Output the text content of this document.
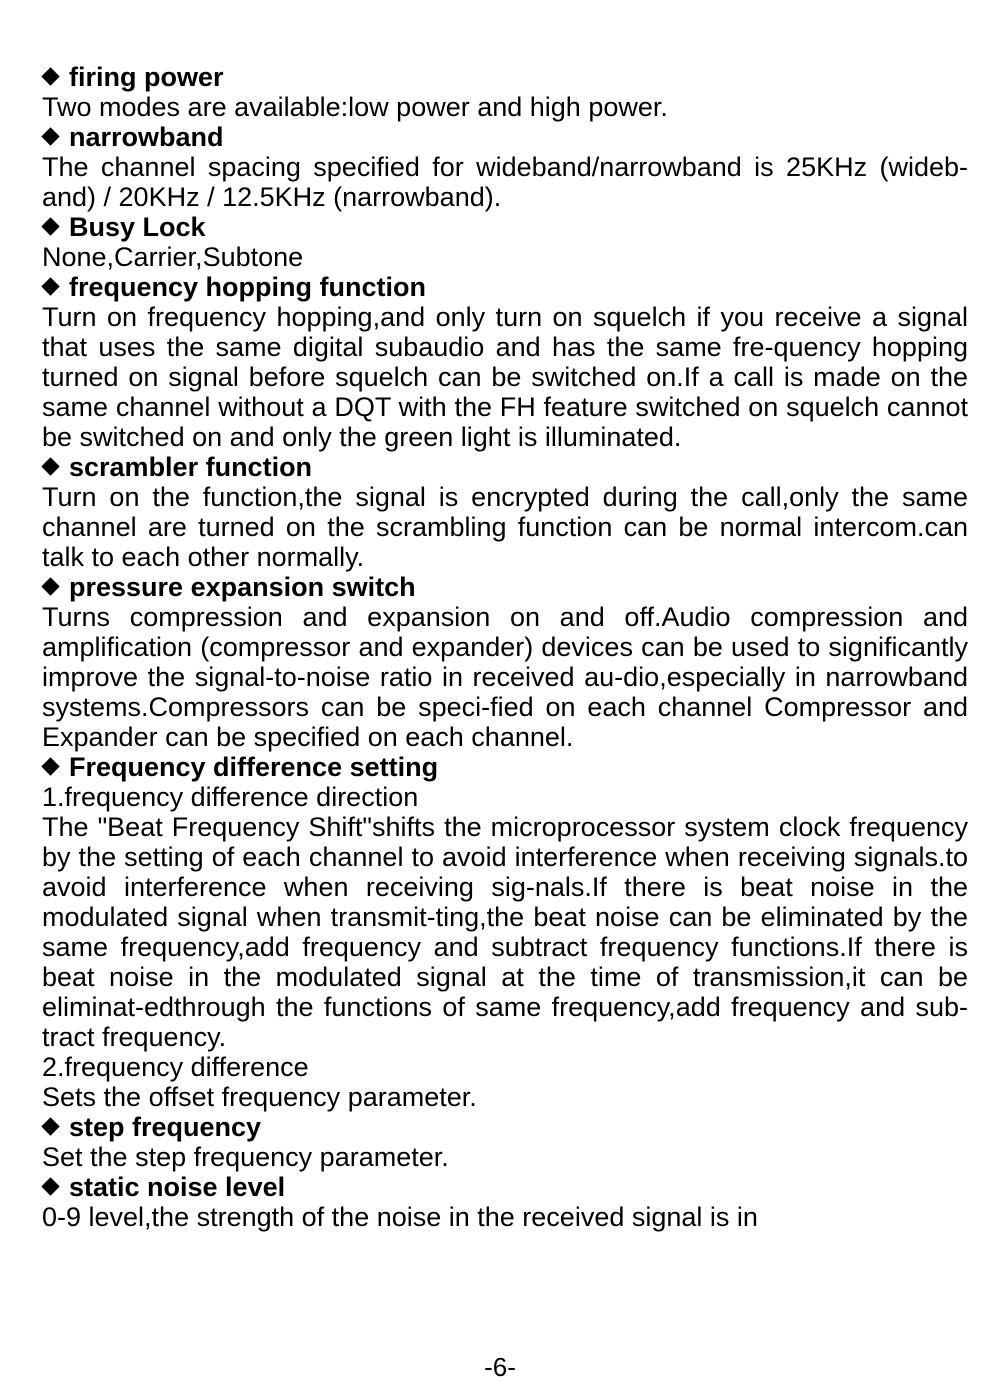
firing power

Two modes are available:low power and high power.

narrowband

The channel spacing specified for wideband/narrowband is 25KHz (wideb-and) / 20KHz / 12.5KHz (narrowband).

Busy Lock

None,Carrier,Subtone

frequency hopping function

Turn on frequency hopping,and only turn on squelch if you receive a signal that uses the same digital subaudio and has the same fre-quency hopping turned on signal before squelch can be switched on.If a call is made on the same channel without a DQT with the FH feature switched on squelch cannot be switched on and only the green light is illuminated.

scrambler function

Turn on the function,the signal is encrypted during the call,only the same channel are turned on the scrambling function can be normal intercom.can talk to each other normally.

pressure expansion switch

Turns compression and expansion on and off.Audio compression and amplification (compressor and expander) devices can be used to significantly improve the signal-to-noise ratio in received au-dio,especially in narrowband systems.Compressors can be speci-fied on each channel Compressor and Expander can be specified on each channel.

Frequency difference setting

1.frequency difference direction

The "Beat Frequency Shift"shifts the microprocessor system clock frequency by the setting of each channel to avoid interference when receiving signals.to avoid interference when receiving sig-nals.If there is beat noise in the modulated signal when transmit-ting,the beat noise can be eliminated by the same frequency,add frequency and subtract frequency functions.If there is beat noise in the modulated signal at the time of transmission,it can be eliminat-edthrough the functions of same frequency,add frequency and sub-tract frequency.

2.frequency difference

Sets the offset frequency parameter.

step frequency

Set the step frequency parameter.

static noise level

0-9 level,the strength of the noise in the received signal is in

-6-
